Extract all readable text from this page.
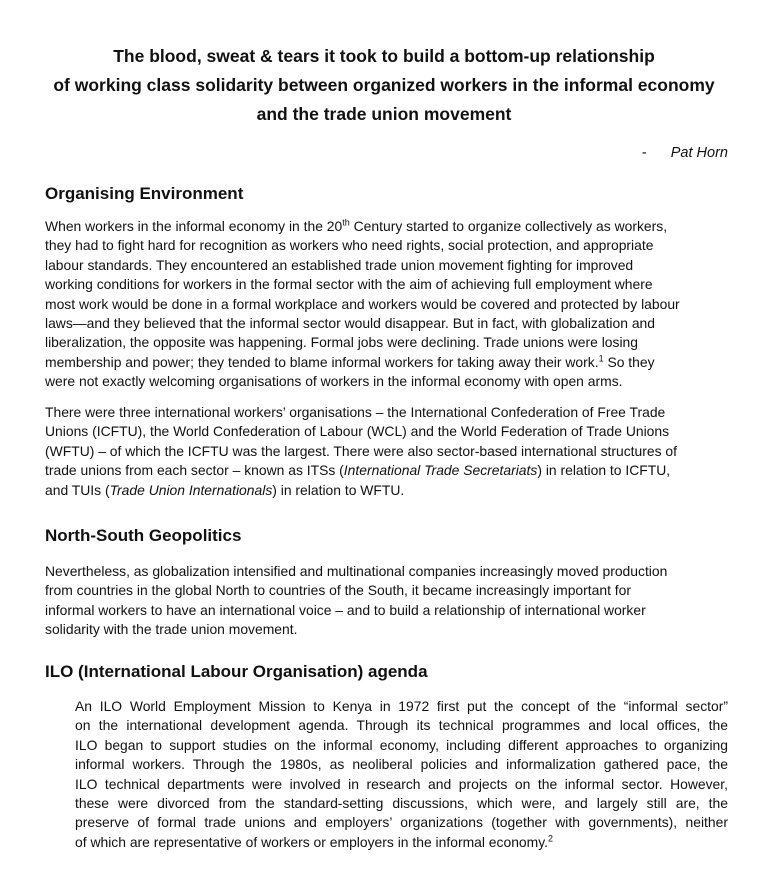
The blood, sweat & tears it took to build a bottom-up relationship
of working class solidarity between organized workers in the informal economy
and the trade union movement
- Pat Horn
Organising Environment
When workers in the informal economy in the 20th Century started to organize collectively as workers,
they had to fight hard for recognition as workers who need rights, social protection, and appropriate
labour standards. They encountered an established trade union movement fighting for improved
working conditions for workers in the formal sector with the aim of achieving full employment where
most work would be done in a formal workplace and workers would be covered and protected by labour
laws—and they believed that the informal sector would disappear. But in fact, with globalization and
liberalization, the opposite was happening. Formal jobs were declining. Trade unions were losing
membership and power; they tended to blame informal workers for taking away their work.$^1$ So they
were not exactly welcoming organisations of workers in the informal economy with open arms.
There were three international workers’ organisations – the International Confederation of Free Trade
Unions (ICFTU), the World Confederation of Labour (WCL) and the World Federation of Trade Unions
(WFTU) – of which the ICFTU was the largest. There were also sector-based international structures of
trade unions from each sector – known as ITSs (International Trade Secretariats) in relation to ICFTU,
and TUIs (Trade Union Internationals) in relation to WFTU.
North-South Geopolitics
Nevertheless, as globalization intensified and multinational companies increasingly moved production
from countries in the global North to countries of the South, it became increasingly important for
informal workers to have an international voice – and to build a relationship of international worker
solidarity with the trade union movement.
ILO (International Labour Organisation) agenda
An ILO World Employment Mission to Kenya in 1972 first put the concept of the “informal sector”
on the international development agenda. Through its technical programmes and local offices, the
ILO began to support studies on the informal economy, including different approaches to organizing
informal workers. Through the 1980s, as neoliberal policies and informalization gathered pace, the
ILO technical departments were involved in research and projects on the informal sector. However,
these were divorced from the standard-setting discussions, which were, and largely still are, the
preserve of formal trade unions and employers’ organizations (together with governments), neither
of which are representative of workers or employers in the informal economy.$^2$
